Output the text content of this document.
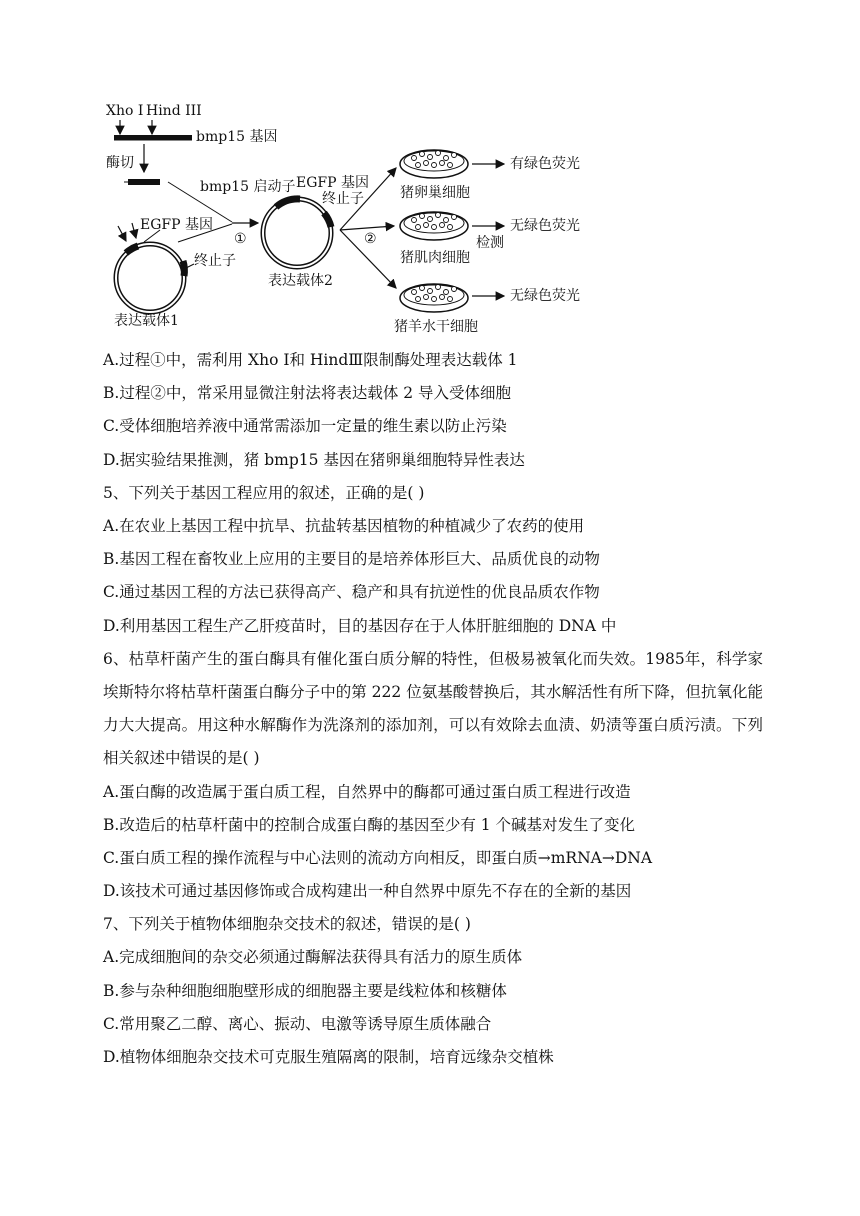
Xho I Hind III
bmp15 基因
酶切
EGFP 基因
终止子
表达载体1
bmp15 启动子 EGFP 基因
终止子
表达载体2
①	②	检测
猪卵巢细胞
猪肌肉细胞
猪羊水干细胞
有绿色荧光
无绿色荧光
无绿色荧光
A.过程①中，需利用 Xho Ⅰ和 HindⅢ限制酶处理表达载体 1
B.过程②中，常采用显微注射法将表达载体 2 导入受体细胞
C.受体细胞培养液中通常需添加一定量的维生素以防止污染
D.据实验结果推测，猪 bmp15 基因在猪卵巢细胞特异性表达
5、下列关于基因工程应用的叙述，正确的是( )
A.在农业上基因工程中抗旱、抗盐转基因植物的种植减少了农药的使用
B.基因工程在畜牧业上应用的主要目的是培养体形巨大、品质优良的动物
C.通过基因工程的方法已获得高产、稳产和具有抗逆性的优良品质农作物
D.利用基因工程生产乙肝疫苗时，目的基因存在于人体肝脏细胞的 DNA 中
6、枯草杆菌产生的蛋白酶具有催化蛋白质分解的特性，但极易被氧化而失效。1985年，科学家埃斯特尔将枯草杆菌蛋白酶分子中的第 222 位氨基酸替换后，其水解活性有所下降，但抗氧化能力大大提高。用这种水解酶作为洗涤剂的添加剂，可以有效除去血渍、奶渍等蛋白质污渍。下列相关叙述中错误的是( )
A.蛋白酶的改造属于蛋白质工程，自然界中的酶都可通过蛋白质工程进行改造
B.改造后的枯草杆菌中的控制合成蛋白酶的基因至少有 1 个碱基对发生了变化
C.蛋白质工程的操作流程与中心法则的流动方向相反，即蛋白质→mRNA→DNA
D.该技术可通过基因修饰或合成构建出一种自然界中原先不存在的全新的基因
7、下列关于植物体细胞杂交技术的叙述，错误的是( )
A.完成细胞间的杂交必须通过酶解法获得具有活力的原生质体
B.参与杂种细胞细胞壁形成的细胞器主要是线粒体和核糖体
C.常用聚乙二醇、离心、振动、电激等诱导原生质体融合
D.植物体细胞杂交技术可克服生殖隔离的限制，培育远缘杂交植株
